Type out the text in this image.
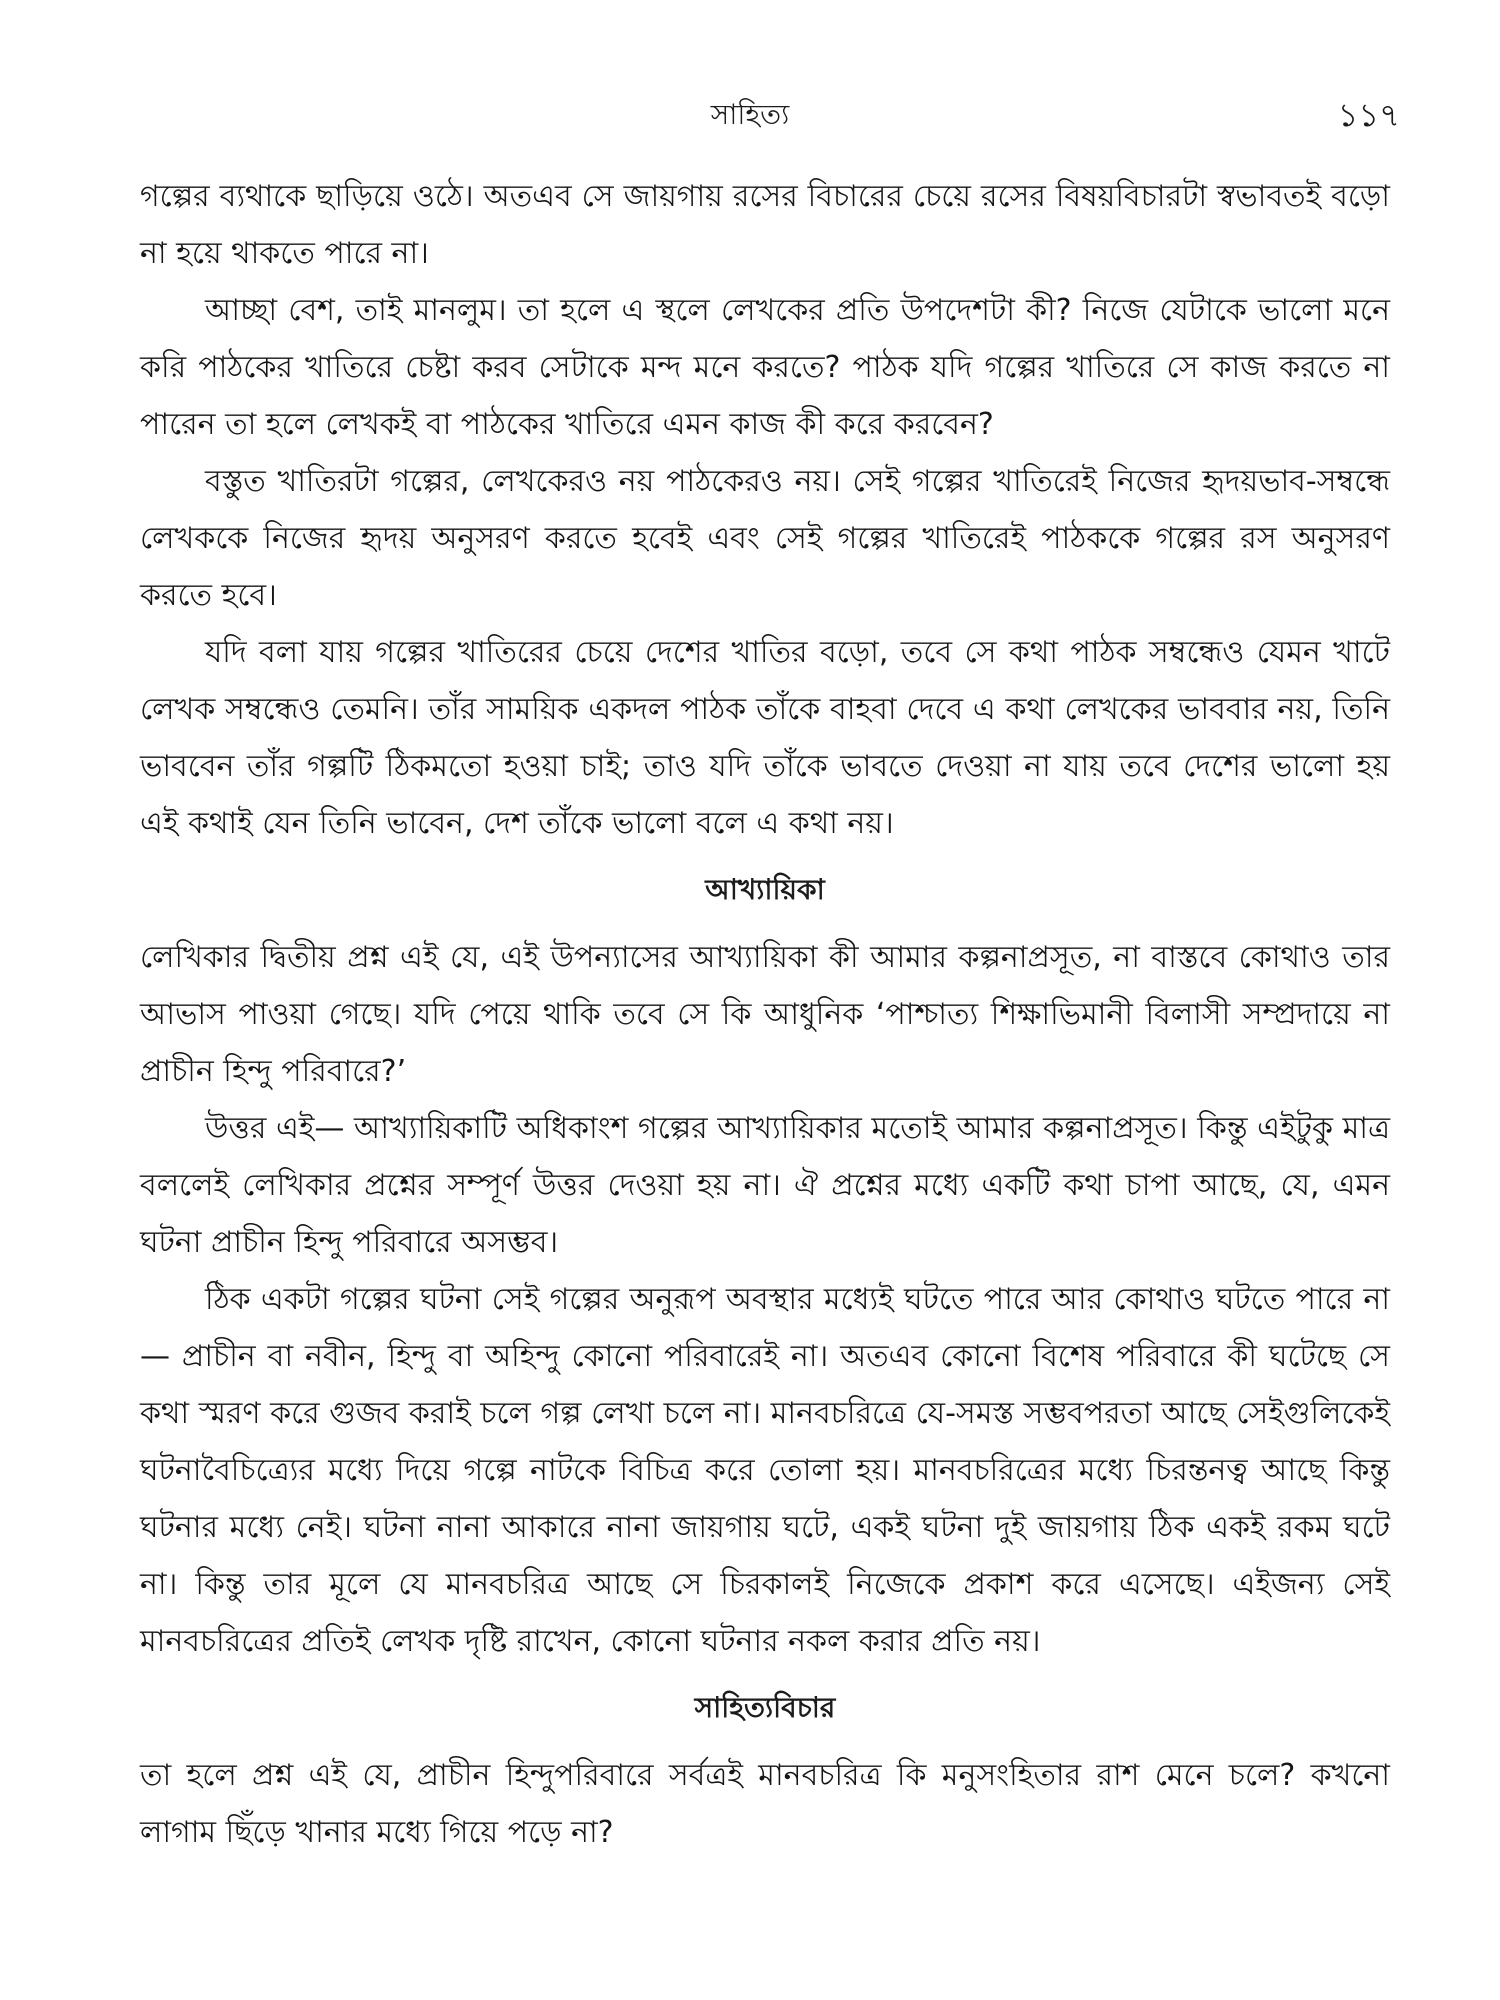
সাহিত্য	১১৭

গল্পের ব্যথাকে ছাড়িয়ে ওঠে। অতএব সে জায়গায় রসের বিচারের চেয়ে রসের বিষয়বিচারটা স্বভাবতই বড়ো না হয়ে থাকতে পারে না।

আচ্ছা বেশ, তাই মানলুম। তা হলে এ স্থলে লেখকের প্রতি উপদেশটা কী? নিজে যেটাকে ভালো মনে করি পাঠকের খাতিরে চেষ্টা করব সেটাকে মন্দ মনে করতে? পাঠক যদি গল্পের খাতিরে সে কাজ করতে না পারেন তা হলে লেখকই বা পাঠকের খাতিরে এমন কাজ কী করে করবেন?

বস্তুত খাতিরটা গল্পের, লেখকেরও নয় পাঠকেরও নয়। সেই গল্পের খাতিরেই নিজের হৃদয়ভাব-সম্বন্ধে লেখককে নিজের হৃদয় অনুসরণ করতে হবেই এবং সেই গল্পের খাতিরেই পাঠককে গল্পের রস অনুসরণ করতে হবে।

যদি বলা যায় গল্পের খাতিরের চেয়ে দেশের খাতির বড়ো, তবে সে কথা পাঠক সম্বন্ধেও যেমন খাটে লেখক সম্বন্ধেও তেমনি। তাঁর সাময়িক একদল পাঠক তাঁকে বাহবা দেবে এ কথা লেখকের ভাববার নয়, তিনি ভাববেন তাঁর গল্পটি ঠিকমতো হওয়া চাই; তাও যদি তাঁকে ভাবতে দেওয়া না যায় তবে দেশের ভালো হয় এই কথাই যেন তিনি ভাবেন, দেশ তাঁকে ভালো বলে এ কথা নয়।

আখ্যায়িকা

লেখিকার দ্বিতীয় প্রশ্ন এই যে, এই উপন্যাসের আখ্যায়িকা কী আমার কল্পনাপ্রসূত, না বাস্তবে কোথাও তার আভাস পাওয়া গেছে। যদি পেয়ে থাকি তবে সে কি আধুনিক ‘পাশ্চাত্য শিক্ষাভিমানী বিলাসী সম্প্রদায়ে না প্রাচীন হিন্দু পরিবারে?’

উত্তর এই— আখ্যায়িকাটি অধিকাংশ গল্পের আখ্যায়িকার মতোই আমার কল্পনাপ্রসূত। কিন্তু এইটুকু মাত্র বললেই লেখিকার প্রশ্নের সম্পূর্ণ উত্তর দেওয়া হয় না। ঐ প্রশ্নের মধ্যে একটি কথা চাপা আছে, যে, এমন ঘটনা প্রাচীন হিন্দু পরিবারে অসম্ভব।

ঠিক একটা গল্পের ঘটনা সেই গল্পের অনুরূপ অবস্থার মধ্যেই ঘটতে পারে আর কোথাও ঘটতে পারে না— প্রাচীন বা নবীন, হিন্দু বা অহিন্দু কোনো পরিবারেই না। অতএব কোনো বিশেষ পরিবারে কী ঘটেছে সে কথা স্মরণ করে গুজব করাই চলে গল্প লেখা চলে না। মানবচরিত্রে যে-সমস্ত সম্ভবপরতা আছে সেইগুলিকেই ঘটনাবৈচিত্র্যের মধ্যে দিয়ে গল্পে নাটকে বিচিত্র করে তোলা হয়। মানবচরিত্রের মধ্যে চিরন্তনত্ব আছে কিন্তু ঘটনার মধ্যে নেই। ঘটনা নানা আকারে নানা জায়গায় ঘটে, একই ঘটনা দুই জায়গায় ঠিক একই রকম ঘটে না। কিন্তু তার মূলে যে মানবচরিত্র আছে সে চিরকালই নিজেকে প্রকাশ করে এসেছে। এইজন্য সেই মানবচরিত্রের প্রতিই লেখক দৃষ্টি রাখেন, কোনো ঘটনার নকল করার প্রতি নয়।

সাহিত্যবিচার

তা হলে প্রশ্ন এই যে, প্রাচীন হিন্দুপরিবারে সর্বত্রই মানবচরিত্র কি মনুসংহিতার রাশ মেনে চলে? কখনো লাগাম ছিঁড়ে খানার মধ্যে গিয়ে পড়ে না?
